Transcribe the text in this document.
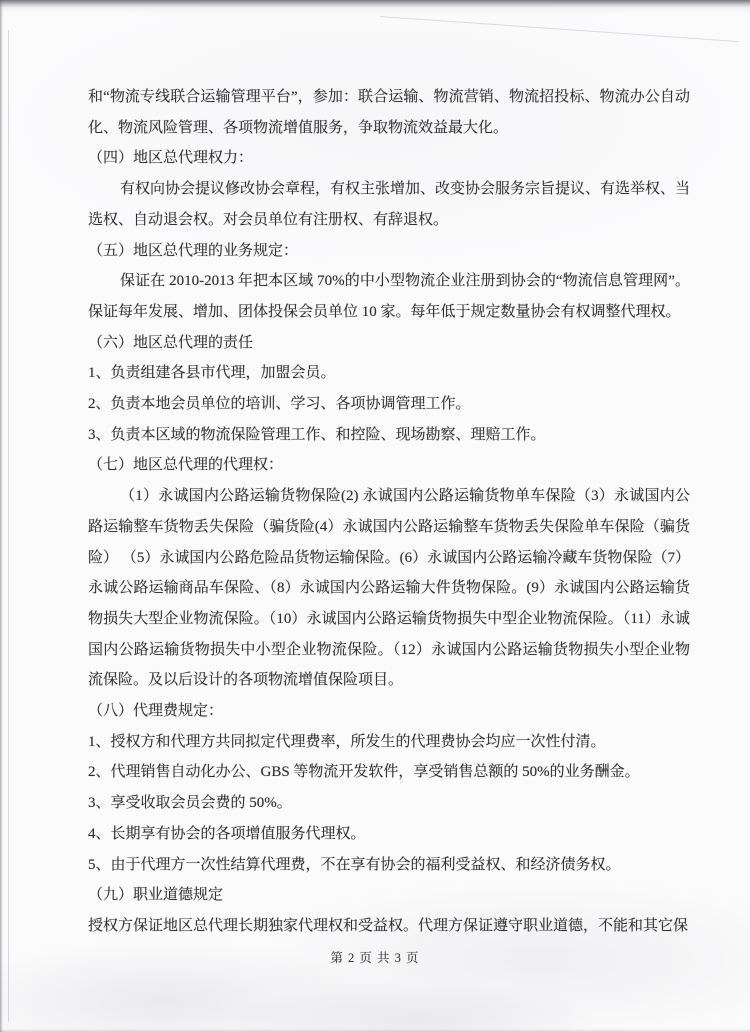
和“物流专线联合运输管理平台”，参加：联合运输、物流营销、物流招投标、物流办公自动化、物流风险管理、各项物流增值服务，争取物流效益最大化。
（四）地区总代理权力：
有权向协会提议修改协会章程，有权主张增加、改变协会服务宗旨提议、有选举权、当选权、自动退会权。对会员单位有注册权、有辞退权。
（五）地区总代理的业务规定：
保证在 2010-2013 年把本区域 70%的中小型物流企业注册到协会的“物流信息管理网”。保证每年发展、增加、团体投保会员单位 10 家。每年低于规定数量协会有权调整代理权。
（六）地区总代理的责任
1、负责组建各县市代理，加盟会员。
2、负责本地会员单位的培训、学习、各项协调管理工作。
3、负责本区域的物流保险管理工作、和控险、现场勘察、理赔工作。
（七）地区总代理的代理权：
（1）永诚国内公路运输货物保险(2) 永诚国内公路运输货物单车保险（3）永诚国内公路运输整车货物丢失保险（骗货险(4）永诚国内公路运输整车货物丢失保险单车保险（骗货险） （5）永诚国内公路危险品货物运输保险。(6）永诚国内公路运输冷藏车货物保险（7）永诚公路运输商品车保险、（8）永诚国内公路运输大件货物保险。(9）永诚国内公路运输货物损失大型企业物流保险。（10）永诚国内公路运输货物损失中型企业物流保险。（11）永诚国内公路运输货物损失中小型企业物流保险。（12）永诚国内公路运输货物损失小型企业物流保险。及以后设计的各项物流增值保险项目。
（八）代理费规定：
1、授权方和代理方共同拟定代理费率，所发生的代理费协会均应一次性付清。
2、代理销售自动化办公、GBS 等物流开发软件，享受销售总额的 50%的业务酬金。
3、享受收取会员会费的 50%。
4、长期享有协会的各项增值服务代理权。
5、由于代理方一次性结算代理费，不在享有协会的福利受益权、和经济债务权。
（九）职业道德规定
授权方保证地区总代理长期独家代理权和受益权。代理方保证遵守职业道德，不能和其它保
第 2 页 共 3 页
